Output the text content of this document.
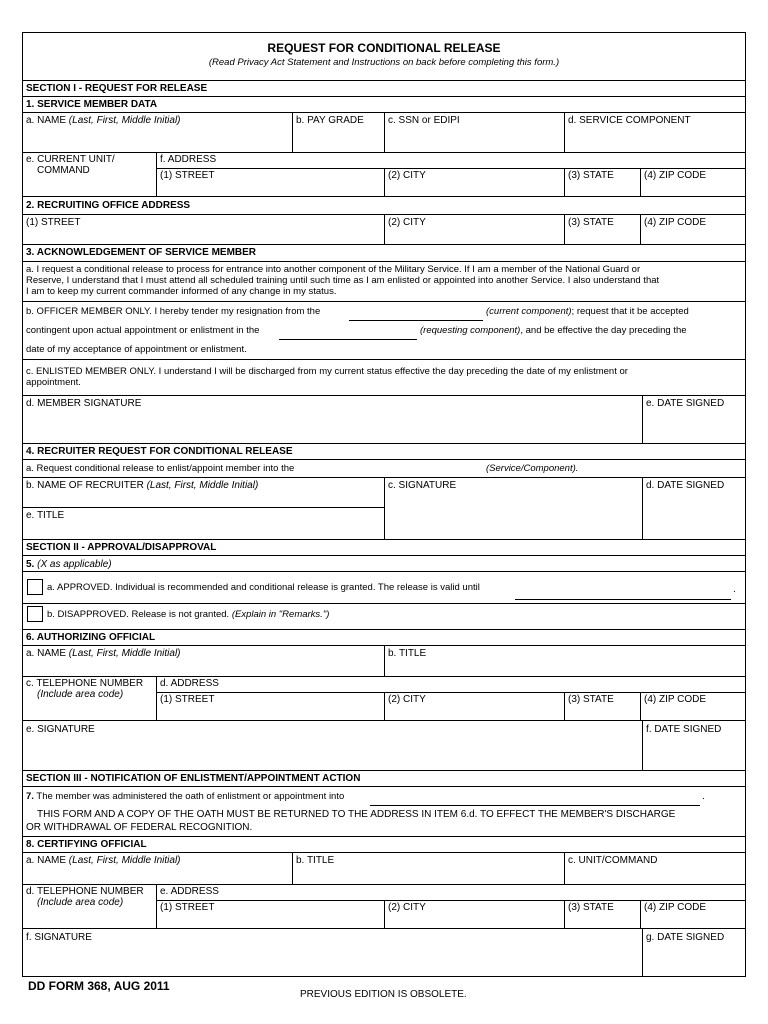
REQUEST FOR CONDITIONAL RELEASE
(Read Privacy Act Statement and Instructions on back before completing this form.)
SECTION I - REQUEST FOR RELEASE
1. SERVICE MEMBER DATA
a. NAME (Last, First, Middle Initial)	b. PAY GRADE c. SSN or EDIPI	d. SERVICE COMPONENT
e. CURRENT UNIT/
COMMAND
f. ADDRESS
(1) STREET	(2) CITY	(3) STATE	(4) ZIP CODE
2. RECRUITING OFFICE ADDRESS
(1) STREET	(2) CITY	(3) STATE	(4) ZIP CODE
3. ACKNOWLEDGEMENT OF SERVICE MEMBER
a. I request a conditional release to process for entrance into another component of the Military Service. If I am a member of the National Guard or
Reserve, I understand that I must attend all scheduled training until such time as I am enlisted or appointed into another Service. I also understand that
I am to keep my current commander informed of any change in my status.
b. OFFICER MEMBER ONLY. I hereby tender my resignation from the	(current component); request that it be accepted
contingent upon actual appointment or enlistment in the	(requesting component), and be effective the day preceding the
date of my acceptance of appointment or enlistment.
c. ENLISTED MEMBER ONLY. I understand I will be discharged from my current status effective the day preceding the date of my enlistment or
appointment.
d. MEMBER SIGNATURE	e. DATE SIGNED
4. RECRUITER REQUEST FOR CONDITIONAL RELEASE
a. Request conditional release to enlist/appoint member into the	(Service/Component).
b. NAME OF RECRUITER (Last, First, Middle Initial)	c. SIGNATURE	d. DATE SIGNED
e. TITLE
SECTION II - APPROVAL/DISAPPROVAL
5. (X as applicable)
a. APPROVED. Individual is recommended and conditional release is granted. The release is valid until	.
b. DISAPPROVED. Release is not granted. (Explain in "Remarks.")
6. AUTHORIZING OFFICIAL
a. NAME (Last, First, Middle Initial)	b. TITLE
c. TELEPHONE NUMBER
(Include area code)
d. ADDRESS
(1) STREET	(2) CITY	(3) STATE	(4) ZIP CODE
e. SIGNATURE	f. DATE SIGNED
SECTION III - NOTIFICATION OF ENLISTMENT/APPOINTMENT ACTION
7. The member was administered the oath of enlistment or appointment into	.
THIS FORM AND A COPY OF THE OATH MUST BE RETURNED TO THE ADDRESS IN ITEM 6.d. TO EFFECT THE MEMBER'S DISCHARGE
OR WITHDRAWAL OF FEDERAL RECOGNITION.
8. CERTIFYING OFFICIAL
a. NAME (Last, First, Middle Initial)	b. TITLE	c. UNIT/COMMAND
d. TELEPHONE NUMBER
(Include area code)
e. ADDRESS
(1) STREET	(2) CITY	(3) STATE	(4) ZIP CODE
f. SIGNATURE	g. DATE SIGNED
DD FORM 368, AUG 2011
PREVIOUS EDITION IS OBSOLETE.
